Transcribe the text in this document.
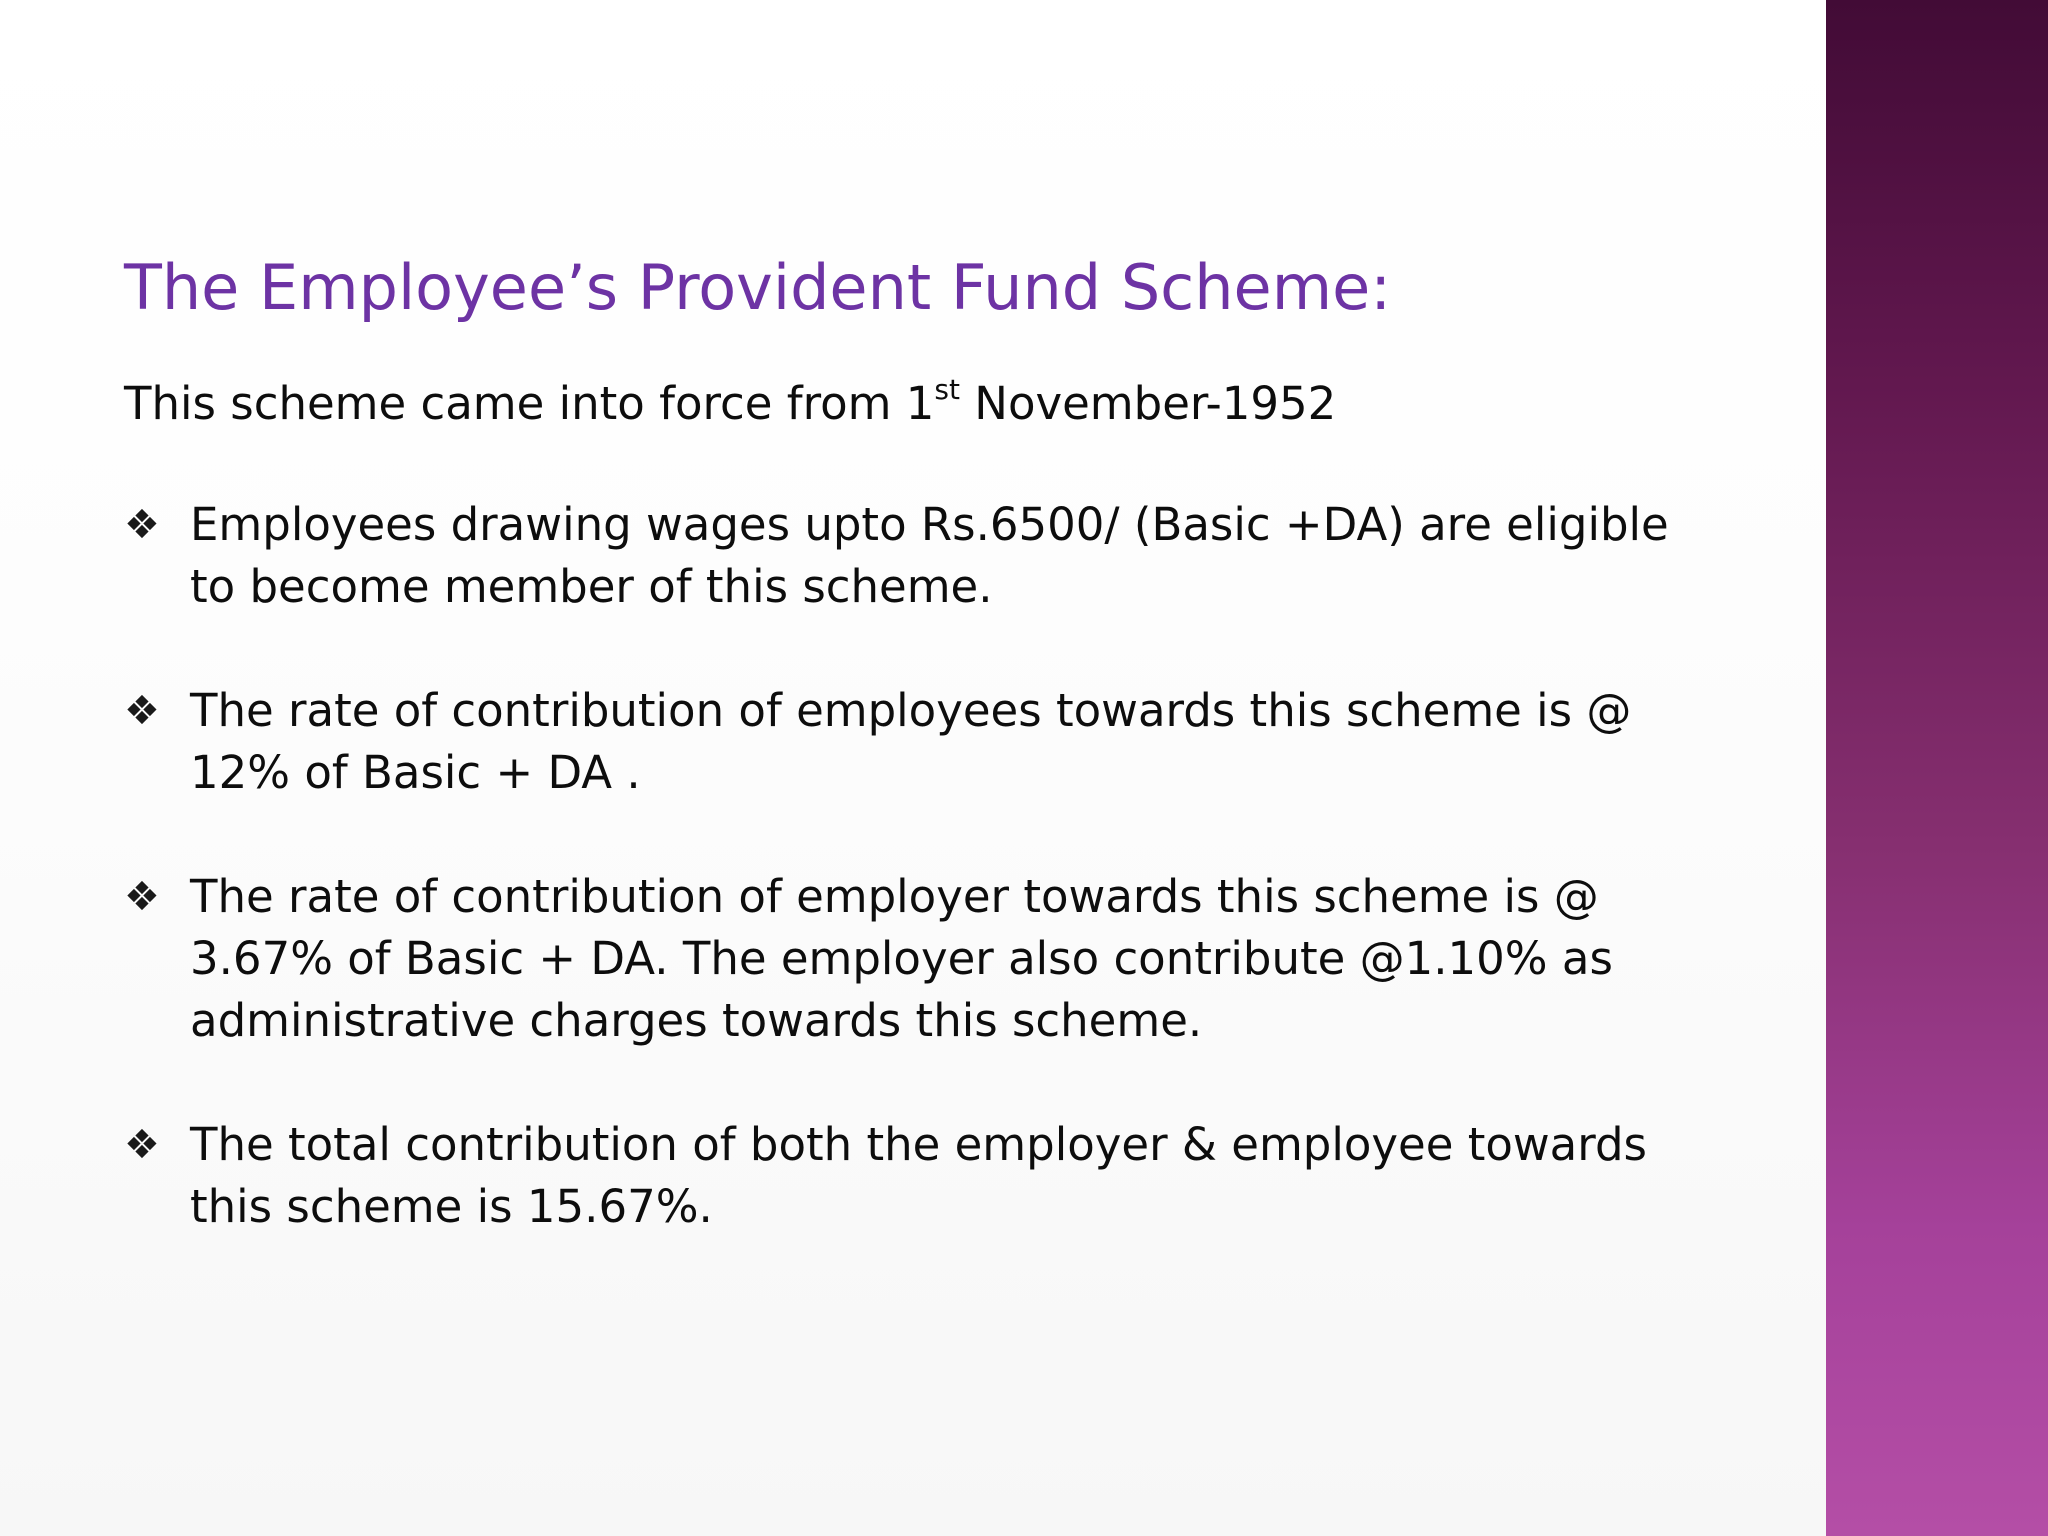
The Employee’s Provident Fund Scheme:

This scheme came into force from 1st November-1952

❖ Employees drawing wages upto Rs.6500/ (Basic +DA) are eligible
to become member of this scheme.
❖ The rate of contribution of employees towards this scheme is @
12% of Basic + DA .
❖ The rate of contribution of employer towards this scheme is @
3.67% of Basic + DA. The employer also contribute @1.10% as
administrative charges towards this scheme.
❖ The total contribution of both the employer & employee towards
this scheme is 15.67%.
